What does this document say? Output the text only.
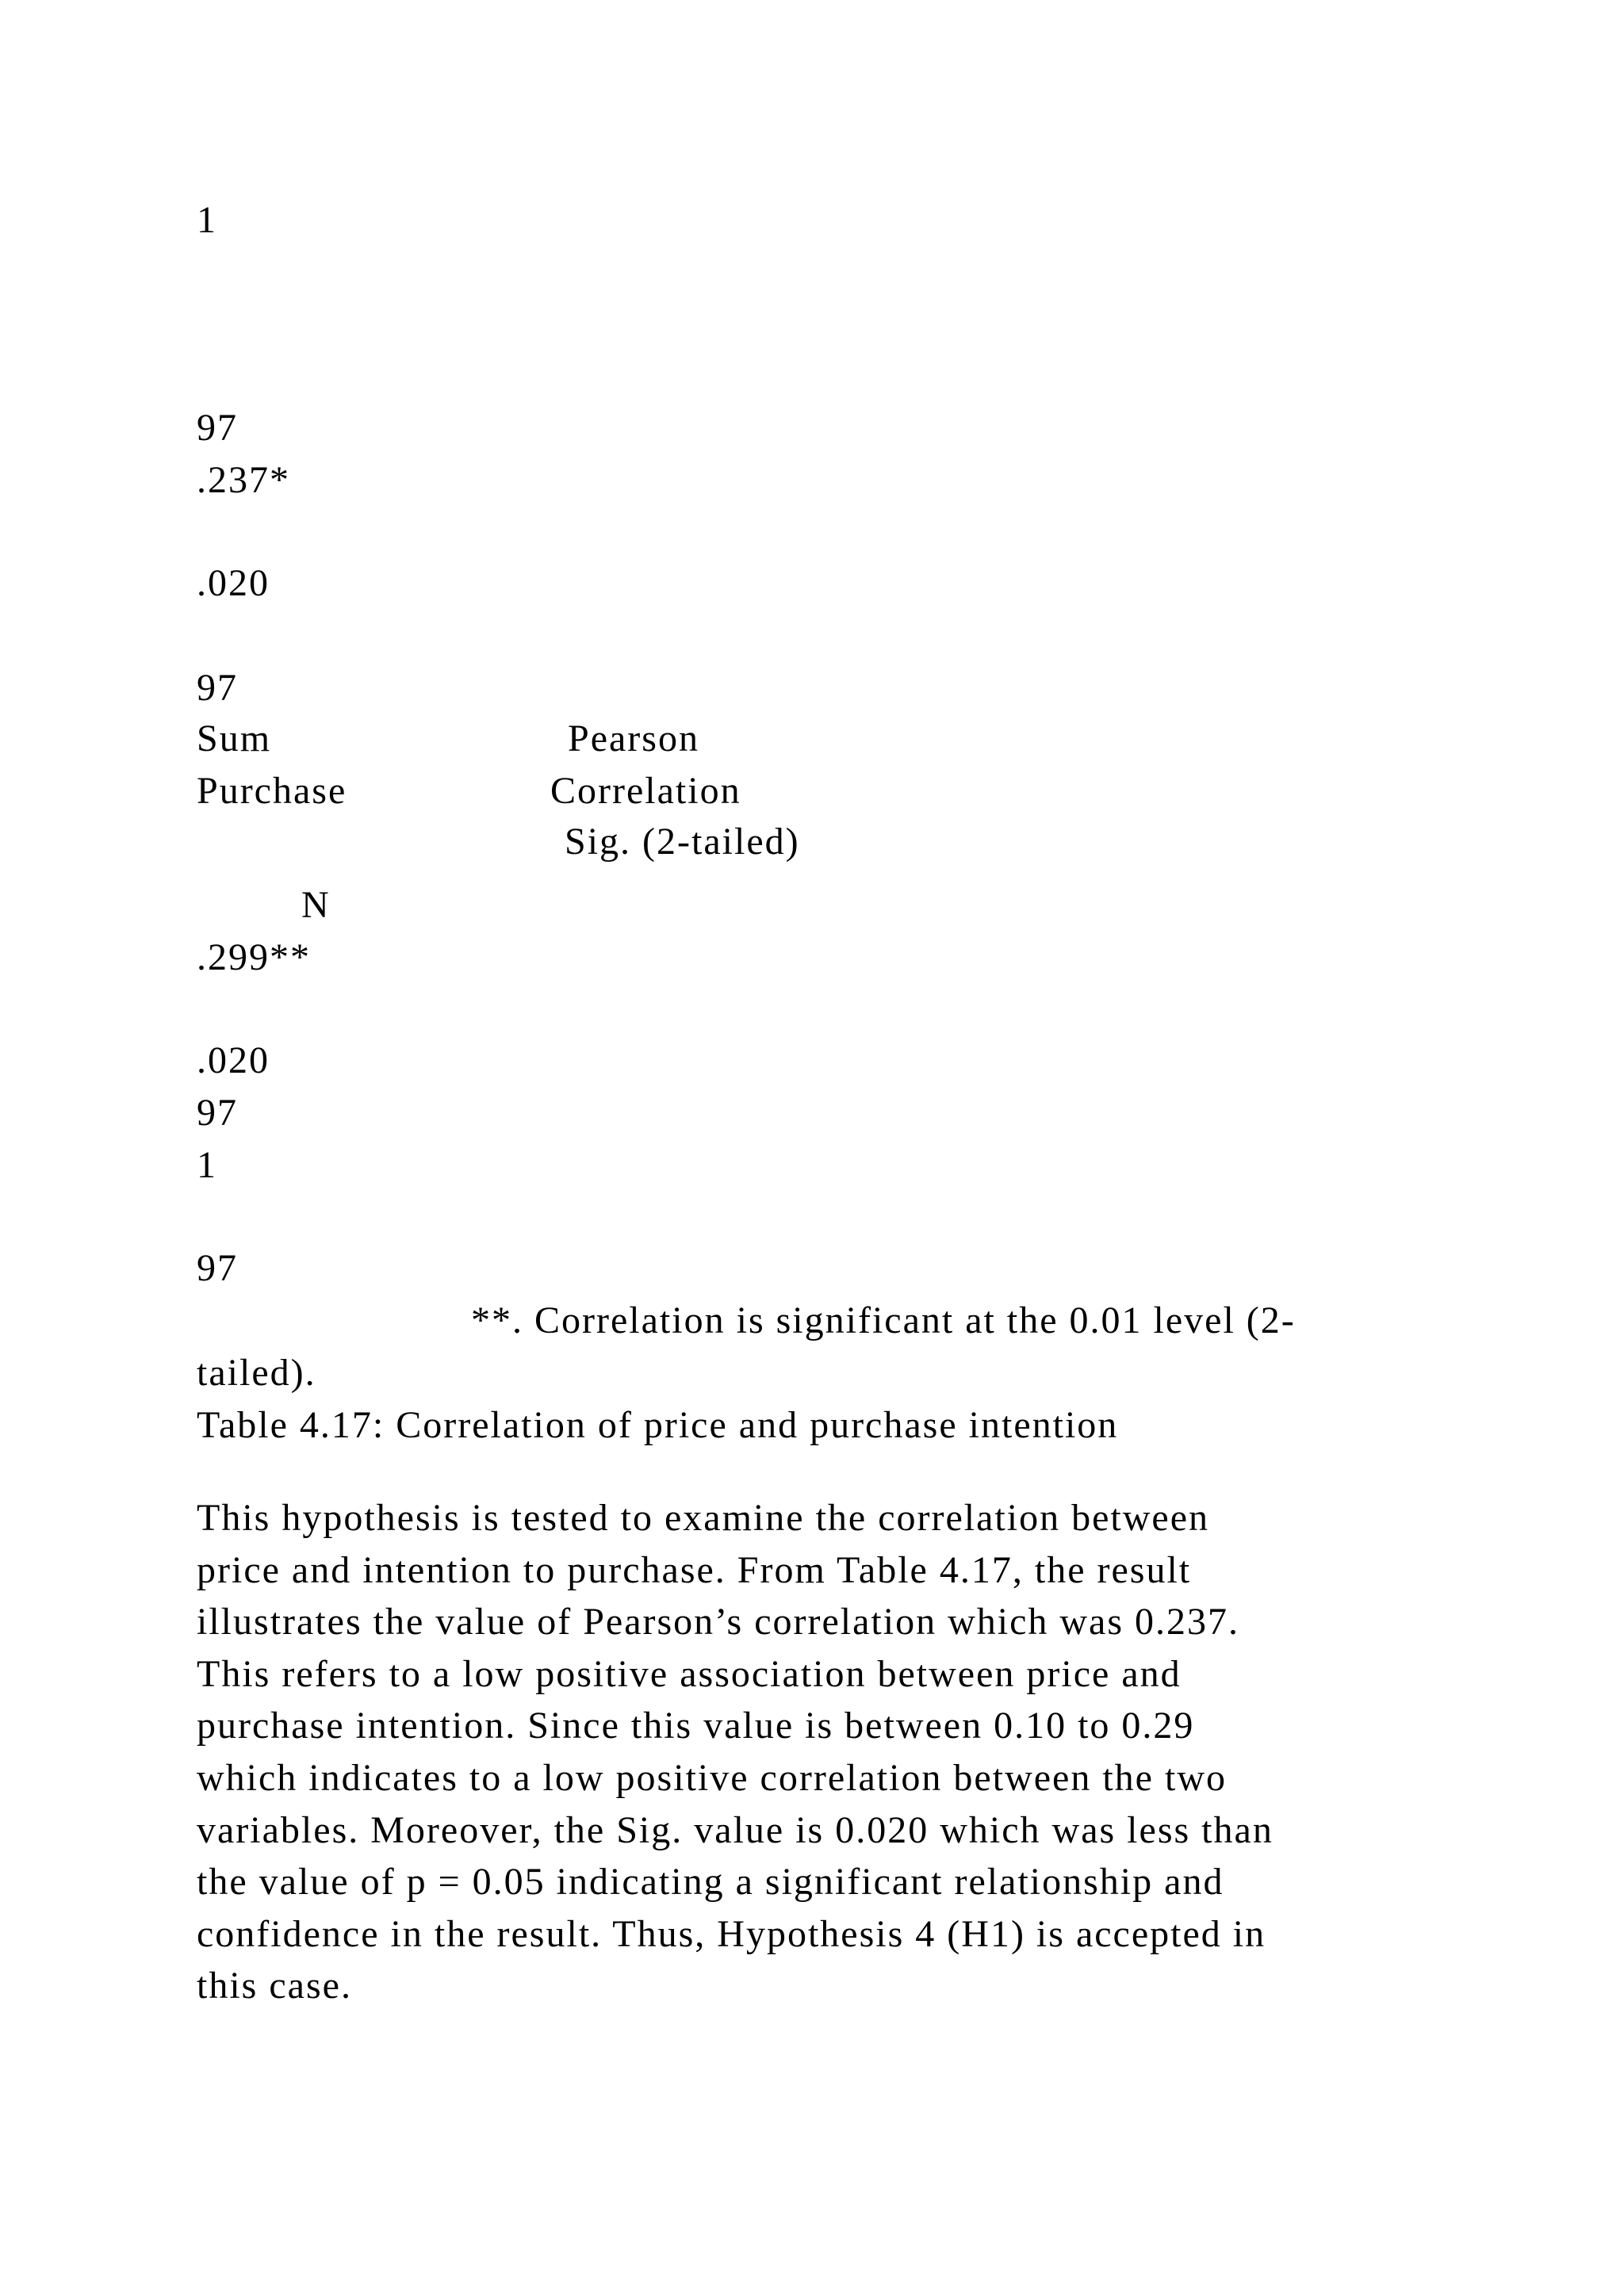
1
97
.237*
.020
97
Sum	Pearson
Purchase	Correlation
Sig. (2-tailed)
N
.299**
.020
97
1
97
**. Correlation is significant at the 0.01 level (2-
tailed).
Table 4.17: Correlation of price and purchase intention
This hypothesis is tested to examine the correlation between
price and intention to purchase. From Table 4.17, the result
illustrates the value of Pearson’s correlation which was 0.237.
This refers to a low positive association between price and
purchase intention. Since this value is between 0.10 to 0.29
which indicates to a low positive correlation between the two
variables. Moreover, the Sig. value is 0.020 which was less than
the value of p = 0.05 indicating a significant relationship and
confidence in the result. Thus, Hypothesis 4 (H1) is accepted in
this case.
